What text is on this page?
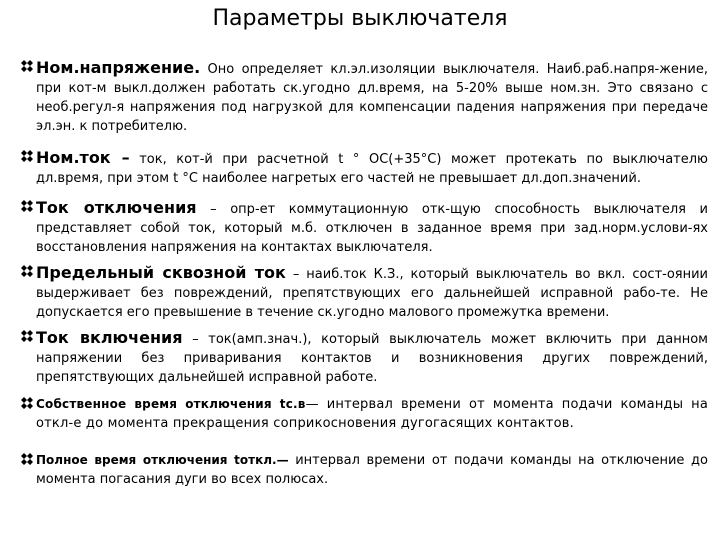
Параметры выключателя
Ном.напряжение. Оно определяет кл.эл.изоляции выключателя. Наиб.раб.напря-жение, при кот-м выкл.должен работать ск.угодно дл.время, на 5-20% выше ном.зн. Это связано с необ.регул-я напряжения под нагрузкой для компенсации падения напряжения при передаче эл.эн. к потребителю.
Ном.ток – ток, кот-й при расчетной t ° ОС(+35°С) может протекать по выключателю дл.время, при этом t °С наиболее нагретых его частей не превышает дл.доп.значений.
Ток отключения – опр-ет коммутационную отк-щую способность выключателя и представляет собой ток, который м.б. отключен в заданное время при зад.норм.услови-ях восстановления напряжения на контактах выключателя.
Предельный сквозной ток – наиб.ток К.З., который выключатель во вкл. сост-оянии выдерживает без повреждений, препятствующих его дальнейшей исправной рабо-те. Не допускается его превышение в течение ск.угодно малового промежутка времени.
Ток включения – ток(амп.знач.), который выключатель может включить при данном напряжении без приваривания контактов и возникновения других повреждений, препятствующих дальнейшей исправной работе.
Собственное время отключения tс.в— интервал времени от момента подачи команды на откл-е до момента прекращения соприкосновения дугогасящих контактов.
Полное время отключения tоткл.— интервал времени от подачи команды на отключение до момента погасания дуги во всех полюсах.
